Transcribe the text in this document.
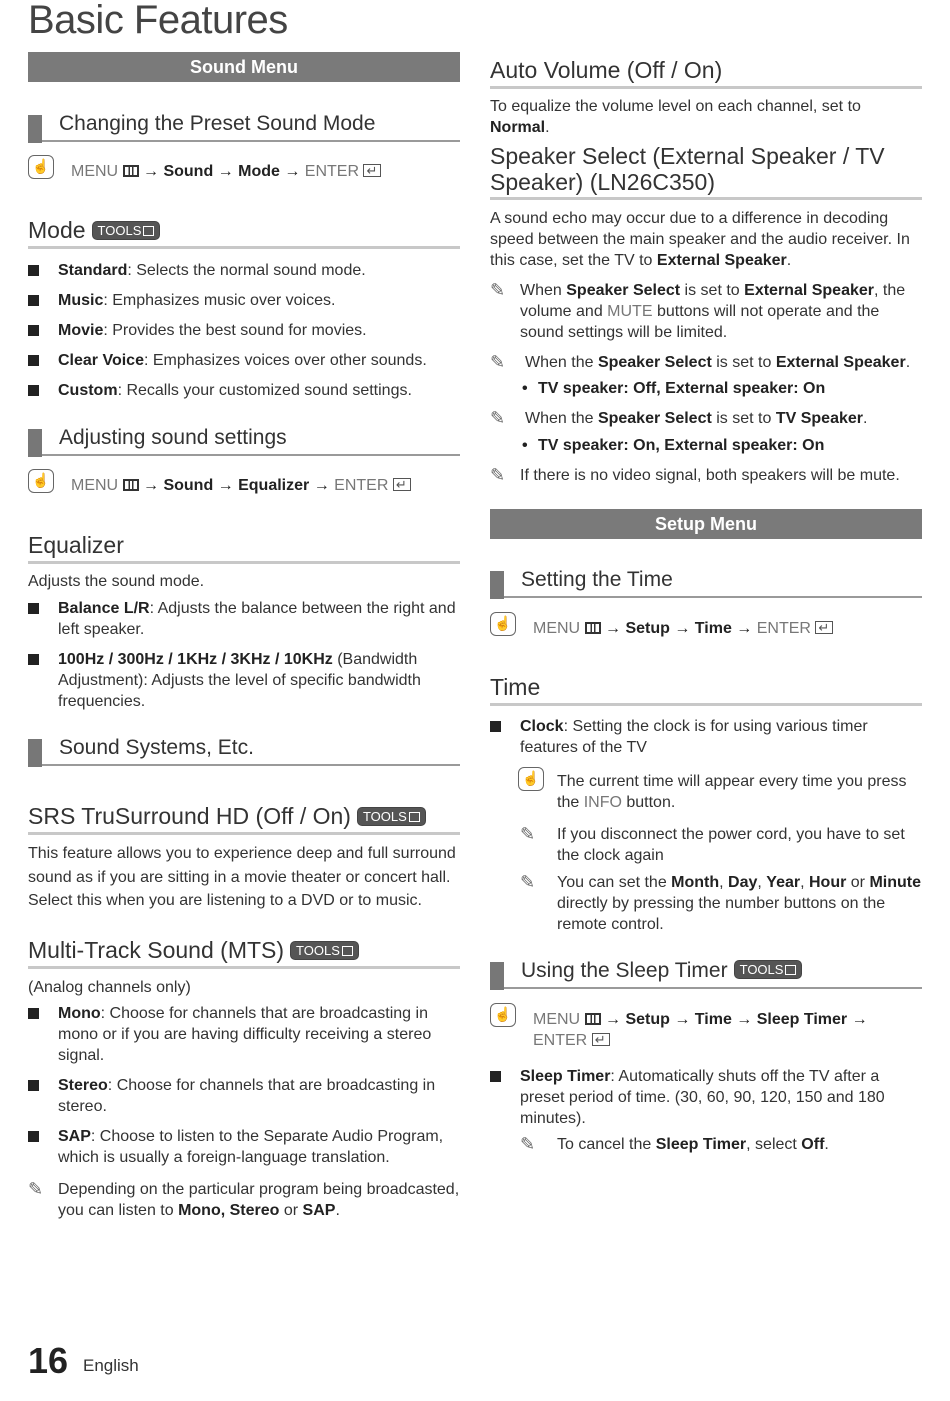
Basic Features
Sound Menu
Changing the Preset Sound Mode
☝ MENU  → Sound → Mode → ENTER ↵
Mode TOOLS
Standard: Selects the normal sound mode.
Music: Emphasizes music over voices.
Movie: Provides the best sound for movies.
Clear Voice: Emphasizes voices over other sounds.
Custom: Recalls your customized sound settings.
Adjusting sound settings
☝ MENU  → Sound → Equalizer → ENTER ↵
Equalizer
Adjusts the sound mode.
Balance L/R: Adjusts the balance between the right and left speaker.
100Hz / 300Hz / 1KHz / 3KHz / 10KHz (Bandwidth Adjustment): Adjusts the level of specific bandwidth frequencies.
Sound Systems, Etc.
SRS TruSurround HD (Off / On) TOOLS
This feature allows you to experience deep and full surround sound as if you are sitting in a movie theater or concert hall. Select this when you are listening to a DVD or to music.
Multi-Track Sound (MTS) TOOLS
(Analog channels only)
Mono: Choose for channels that are broadcasting in mono or if you are having difficulty receiving a stereo signal.
Stereo: Choose for channels that are broadcasting in stereo.
SAP: Choose to listen to the Separate Audio Program, which is usually a foreign-language translation.
✎ Depending on the particular program being broadcasted, you can listen to Mono, Stereo or SAP.
Auto Volume (Off / On)
To equalize the volume level on each channel, set to Normal.
Speaker Select (External Speaker / TV
Speaker) (LN26C350)
A sound echo may occur due to a difference in decoding speed between the main speaker and the audio receiver. In this case, set the TV to External Speaker.
✎ When Speaker Select is set to External Speaker, the volume and MUTE buttons will not operate and the sound settings will be limited.
✎ When the Speaker Select is set to External Speaker.
• TV speaker: Off, External speaker: On
✎ When the Speaker Select is set to TV Speaker.
• TV speaker: On, External speaker: On
✎ If there is no video signal, both speakers will be mute.
Setup Menu
Setting the Time
☝ MENU  → Setup → Time → ENTER ↵
Time
Clock: Setting the clock is for using various timer features of the TV
☝ The current time will appear every time you press the INFO button.
✎ If you disconnect the power cord, you have to set the clock again
✎ You can set the Month, Day, Year, Hour or Minute directly by pressing the number buttons on the remote control.
Using the Sleep Timer TOOLS
☝ MENU  → Setup → Time → Sleep Timer →
ENTER ↵
Sleep Timer: Automatically shuts off the TV after a preset period of time. (30, 60, 90, 120, 150 and 180 minutes).
✎ To cancel the Sleep Timer, select Off.
16 English
